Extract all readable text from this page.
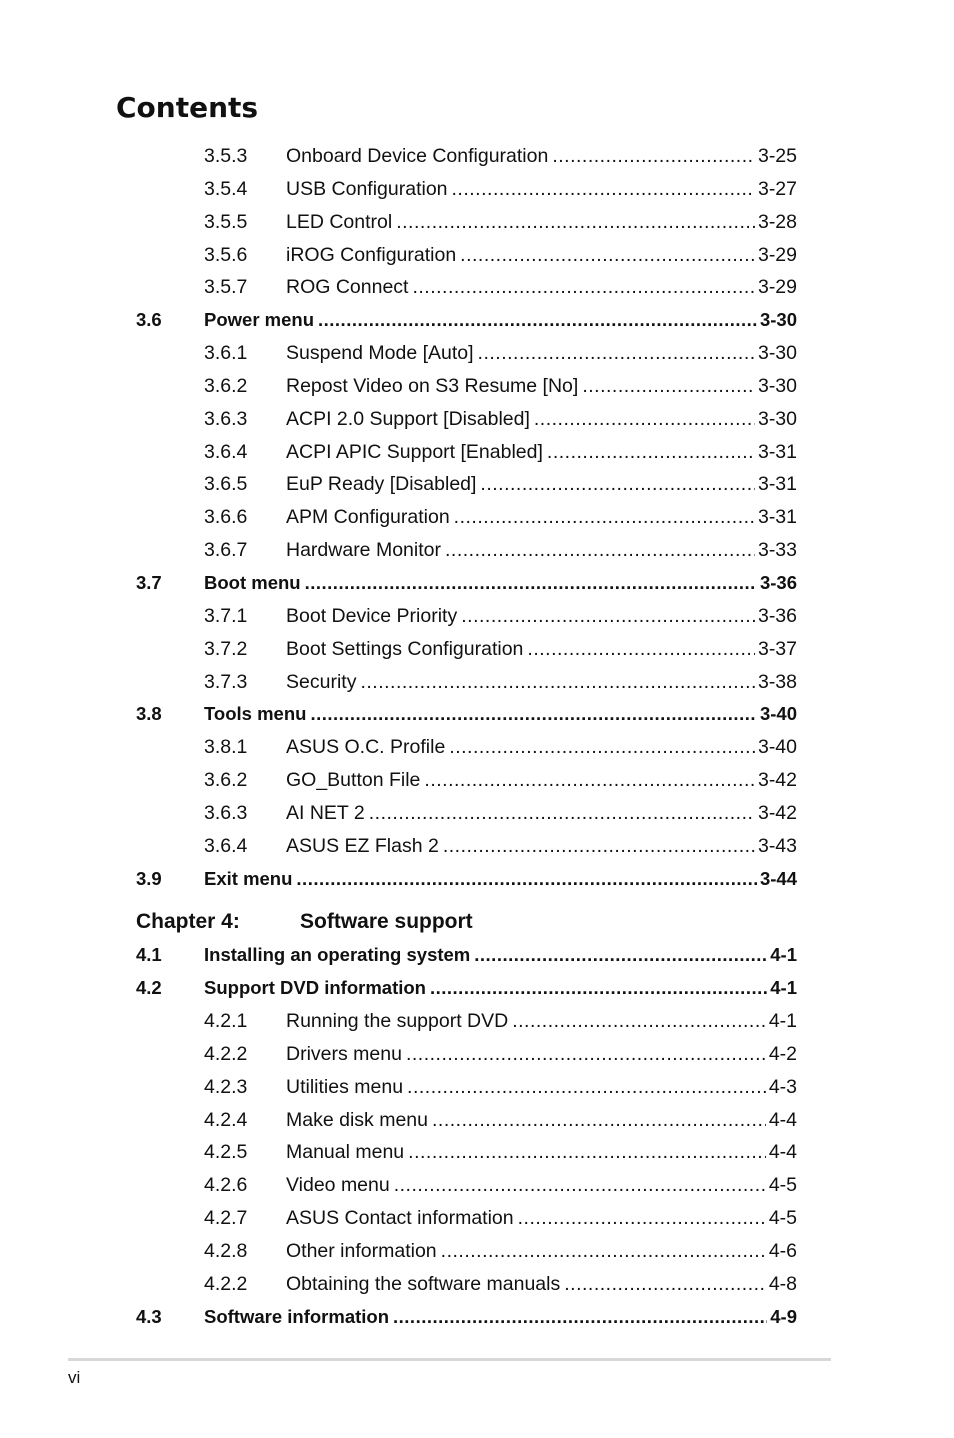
Contents
3.5.3 Onboard Device Configuration .....	3-25
3.5.4 USB Configuration .....	3-27
3.5.5 LED Control .....	3-28
3.5.6 iROG Configuration .....	3-29
3.5.7 ROG Connect .....	3-29
3.6 Power menu .....	3-30
3.6.1 Suspend Mode [Auto] .....	3-30
3.6.2 Repost Video on S3 Resume [No] .....	3-30
3.6.3 ACPI 2.0 Support [Disabled] .....	3-30
3.6.4 ACPI APIC Support [Enabled] .....	3-31
3.6.5 EuP Ready [Disabled] .....	3-31
3.6.6 APM Configuration .....	3-31
3.6.7 Hardware Monitor .....	3-33
3.7 Boot menu .....	3-36
3.7.1 Boot Device Priority .....	3-36
3.7.2 Boot Settings Configuration .....	3-37
3.7.3 Security .....	3-38
3.8 Tools menu .....	3-40
3.8.1 ASUS O.C. Profile .....	3-40
3.6.2 GO_Button File .....	3-42
3.6.3 AI NET 2 .....	3-42
3.6.4 ASUS EZ Flash 2 .....	3-43
3.9 Exit menu .....	3-44
Chapter 4:	Software support
4.1 Installing an operating system .....	4-1
4.2 Support DVD information .....	4-1
4.2.1 Running the support DVD .....	4-1
4.2.2 Drivers menu .....	4-2
4.2.3 Utilities menu .....	4-3
4.2.4 Make disk menu .....	4-4
4.2.5 Manual menu .....	4-4
4.2.6 Video menu .....	4-5
4.2.7 ASUS Contact information .....	4-5
4.2.8 Other information .....	4-6
4.2.2 Obtaining the software manuals .....	4-8
4.3 Software information .....	4-9
vi
